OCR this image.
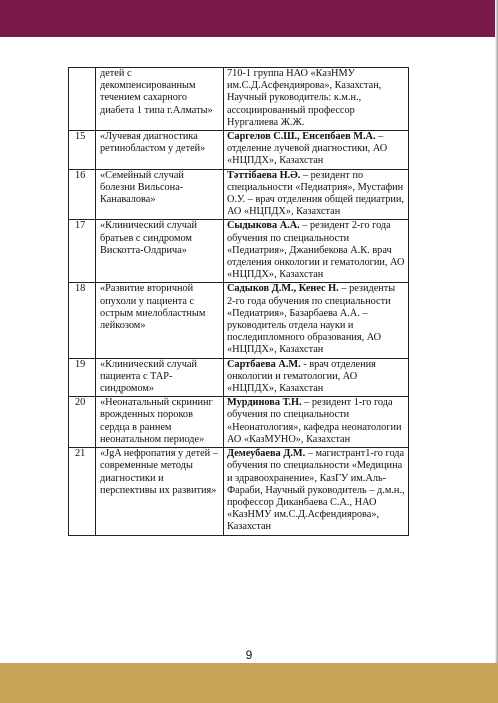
	детей с декомпенсированным течением сахарного диабета 1 типа г.Алматы»	710-1 группа НАО «КазНМУ им.С.Д.Асфендиярова», Казахстан, Научный руководитель: к.м.н., ассоциированный профессор Нургалиева Ж.Ж.
15	«Лучевая диагностика ретинобластом у детей»	Саргелов С.Ш., Енсепбаев М.А. – отделение лучевой диагностики, АО «НЦПДХ», Казахстан
16	«Семейный случай болезни Вильсона-Канавалова»	Тәттібаева Н.Ә. – резидент по специальности «Педиатрия», Мустафин О.У. – врач отделения общей педиатрии, АО «НЦПДХ», Казахстан
17	«Клинический случай братьев с синдромом Вискотта-Олдрича»	Сыдыкова А.А. – резидент 2-го года обучения по специальности «Педиатрия», Джанибекова А.К. врач отделения онкологии и гематологии, АО «НЦПДХ», Казахстан
18	«Развитие вторичной опухоли у пациента с острым миелобластным лейкозом»	Садыков Д.М., Кенес Н. – резиденты 2-го года обучения по специальности «Педиатрия», Базарбаева А.А. – руководитель отдела науки и последипломного образования, АО «НЦПДХ», Казахстан
19	«Клинический случай пациента с ТАР-синдромом»	Сартбаева А.М. - врач отделения онкологии и гематологии, АО «НЦПДХ», Казахстан
20	«Неонатальный скрининг врожденных пороков сердца в раннем неонатальном периоде»	Мурдинова Т.Н. – резидент 1-го года обучения по специальности «Неонатология», кафедра неонатологии АО «КазМУНО», Казахстан
21	«JgA нефропатия у детей – современные методы диагностики и перспективы их развития»	Демеубаева Д.М. – магистрант1-го года обучения по специальности «Медицина и здравоохранение», КазГУ им.Аль-Фараби, Научный руководитель – д.м.н., профессор Диканбаева С.А., НАО «КазНМУ им.С.Д.Асфендиярова», Казахстан
9
